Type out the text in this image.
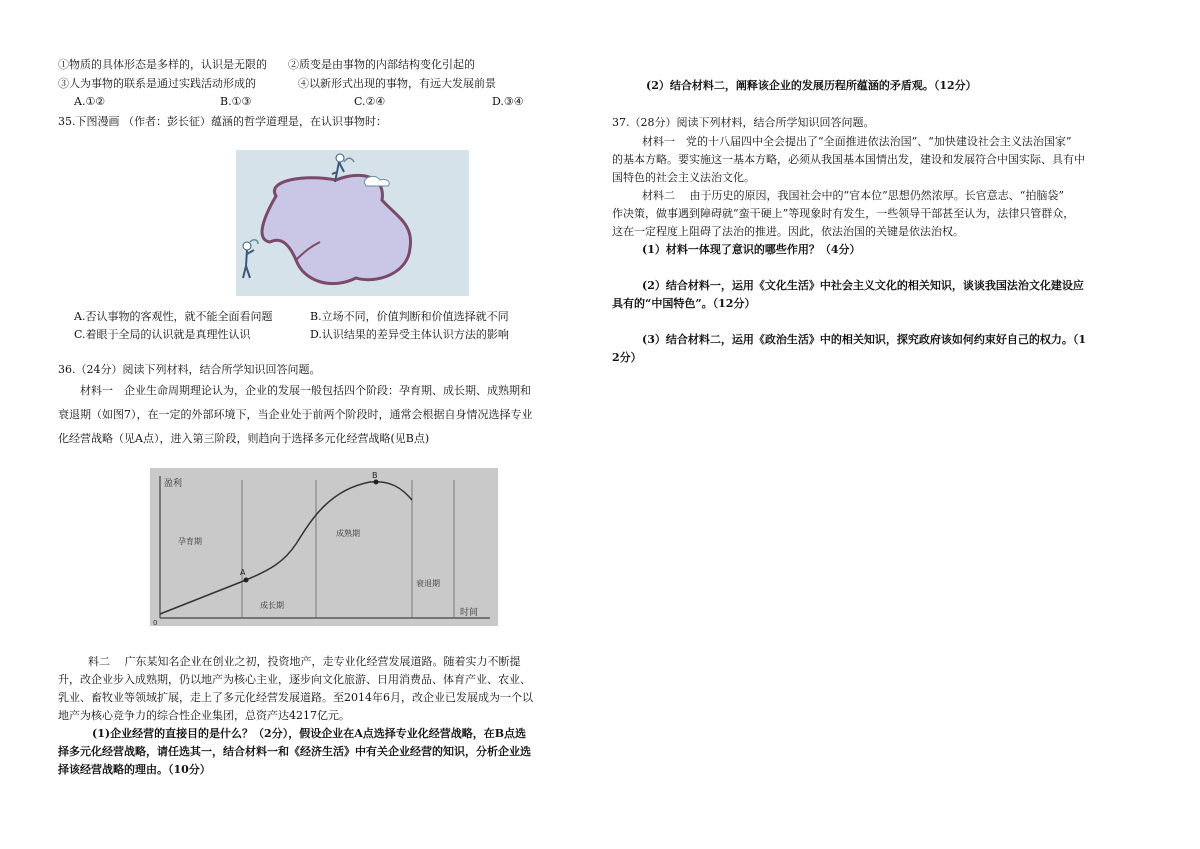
①物质的具体形态是多样的，认识是无限的 ②质变是由事物的内部结构变化引起的
③人为事物的联系是通过实践活动形成的	④以新形式出现的事物，有远大发展前景
A.①②	B.①③	C.②④	D.③④
35.下图漫画 （作者：彭长征）蕴涵的哲学道理是，在认识事物时：
A.否认事物的客观性，就不能全面看问题	B.立场不同，价值判断和价值选择就不同
C.着眼于全局的认识就是真理性认识	D.认识结果的差异受主体认识方法的影响
36.（24分）阅读下列材料，结合所学知识回答问题。
材料一　企业生命周期理论认为，企业的发展一般包括四个阶段：孕育期、成长期、成熟期和
衰退期（如图7），在一定的外部环境下，当企业处于前两个阶段时，通常会根据自身情况选择专业
化经营战略（见A点），进入第三阶段，则趋向于选择多元化经营战略(见B点)
盈利
时间
0
A
B
孕育期
成长期
成熟期
衰退期
料二　 广东某知名企业在创业之初，投资地产，走专业化经营发展道路。随着实力不断提
升，改企业步入成熟期，仍以地产为核心主业，逐步向文化旅游、日用消费品、体育产业、农业、
乳业、畜牧业等领域扩展，走上了多元化经营发展道路。至2014年6月，改企业已发展成为一个以
地产为核心竞争力的综合性企业集团，总资产达4217亿元。
(1)企业经营的直接目的是什么？（2分），假设企业在A点选择专业化经营战略，在B点选
择多元化经营战略，请任选其一，结合材料一和《经济生活》中有关企业经营的知识，分析企业选
择该经营战略的理由。（10分）
(2）结合材料二，阐释该企业的发展历程所蕴涵的矛盾观。（12分）
37.（28分）阅读下列材料，结合所学知识回答问题。
材料一　党的十八届四中全会提出了“全面推进依法治国”、“加快建设社会主义法治国家”
的基本方略。要实施这一基本方略，必须从我国基本国情出发，建设和发展符合中国实际、具有中
国特色的社会主义法治文化。
材料二　 由于历史的原因，我国社会中的“官本位”思想仍然浓厚。长官意志、“拍脑袋”
作决策，做事遇到障碍就“蛮干硬上”等现象时有发生，一些领导干部甚至认为，法律只管群众，
这在一定程度上阻碍了法治的推进。因此，依法治国的关键是依法治权。
(1）材料一体现了意识的哪些作用？（4分）
(2）结合材料一，运用《文化生活》中社会主义文化的相关知识，谈谈我国法治文化建设应
具有的“中国特色”。（12分）
(3）结合材料二，运用《政治生活》中的相关知识，探究政府该如何约束好自己的权力。（1
2分）
